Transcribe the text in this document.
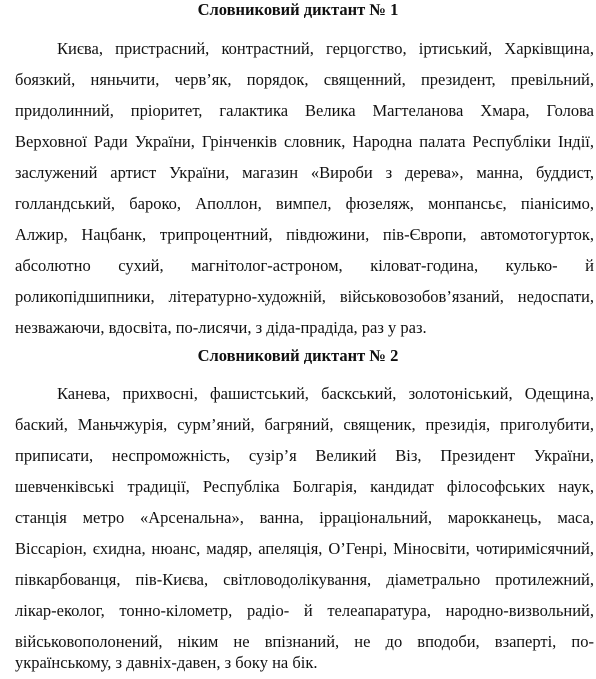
Словниковий диктант № 1
Києва, пристрасний, контрастний, герцогство, іртиський, Харківщина,
боязкий, няньчити, черв’як, порядок, священний, президент, превільний,
придолинний, пріоритет, галактика Велика Магтеланова Хмара, Голова
Верховної Ради України, Грінченків словник, Народна палата Республіки Індії,
заслужений артист України, магазин «Вироби з дерева», манна, буддист,
голландський, бароко, Аполлон, вимпел, фюзеляж, монпансьє, піанісимо,
Алжир, Нацбанк, трипроцентний, півдюжини, пів-Європи, автомотогурток,
абсолютно сухий, магнітолог-астроном, кіловат-година, кулько- й
роликопідшипники, літературно-художній, військовозобов’язаний, недоспати,
незважаючи, вдосвіта, по-лисячи, з діда-прадіда, раз у раз.
Словниковий диктант № 2
Канева, прихвосні, фашистський, баскський, золотоніський, Одещина,
баский, Маньчжурія, сурм’яний, багряний, священик, президія, приголубити,
приписати, неспроможність, сузір’я Великий Віз, Президент України,
шевченківські традиції, Республіка Болгарія, кандидат філософських наук,
станція метро «Арсенальна», ванна, ірраціональний, марокканець, маса,
Віссаріон, єхидна, нюанс, мадяр, апеляція, О’Генрі, Міносвіти, чотиримісячний,
півкарбованця, пів-Києва, світловодолікування, діаметрально протилежний,
лікар-еколог, тонно-кілометр, радіо- й телеапаратура, народно-визвольний,
військовополонений, ніким не впізнаний, не до вподоби, взаперті, по-
українському, з давніх-давен, з боку на бік.
